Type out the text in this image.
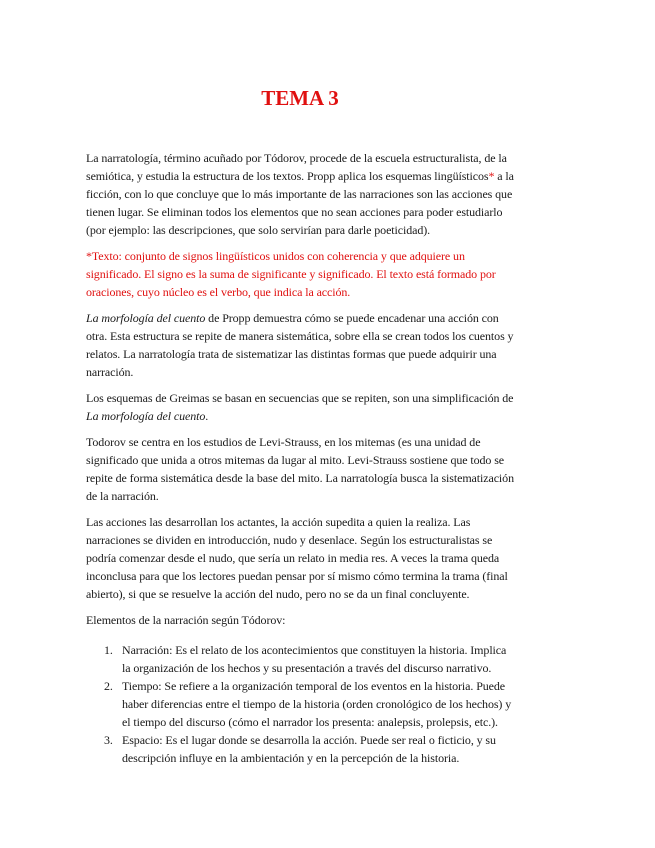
TEMA 3

La narratología, término acuñado por Tódorov, procede de la escuela estructuralista, de la semiótica, y estudia la estructura de los textos. Propp aplica los esquemas lingüísticos* a la ficción, con lo que concluye que lo más importante de las narraciones son las acciones que tienen lugar. Se eliminan todos los elementos que no sean acciones para poder estudiarlo (por ejemplo: las descripciones, que solo servirían para darle poeticidad).

*Texto: conjunto de signos lingüísticos unidos con coherencia y que adquiere un significado. El signo es la suma de significante y significado. El texto está formado por oraciones, cuyo núcleo es el verbo, que indica la acción.

La morfología del cuento de Propp demuestra cómo se puede encadenar una acción con otra. Esta estructura se repite de manera sistemática, sobre ella se crean todos los cuentos y relatos. La narratología trata de sistematizar las distintas formas que puede adquirir una narración.

Los esquemas de Greimas se basan en secuencias que se repiten, son una simplificación de La morfología del cuento.

Todorov se centra en los estudios de Levi-Strauss, en los mitemas (es una unidad de significado que unida a otros mitemas da lugar al mito. Levi-Strauss sostiene que todo se repite de forma sistemática desde la base del mito. La narratología busca la sistematización de la narración.

Las acciones las desarrollan los actantes, la acción supedita a quien la realiza. Las narraciones se dividen en introducción, nudo y desenlace. Según los estructuralistas se podría comenzar desde el nudo, que sería un relato in media res. A veces la trama queda inconclusa para que los lectores puedan pensar por sí mismo cómo termina la trama (final abierto), si que se resuelve la acción del nudo, pero no se da un final concluyente.

Elementos de la narración según Tódorov:

1. Narración: Es el relato de los acontecimientos que constituyen la historia. Implica la organización de los hechos y su presentación a través del discurso narrativo.
2. Tiempo: Se refiere a la organización temporal de los eventos en la historia. Puede haber diferencias entre el tiempo de la historia (orden cronológico de los hechos) y el tiempo del discurso (cómo el narrador los presenta: analepsis, prolepsis, etc.).
3. Espacio: Es el lugar donde se desarrolla la acción. Puede ser real o ficticio, y su descripción influye en la ambientación y en la percepción de la historia.
